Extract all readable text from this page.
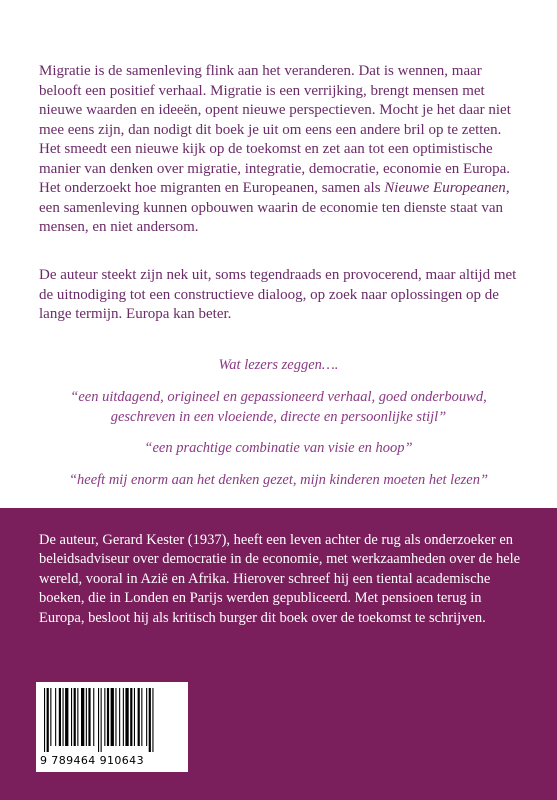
Migratie is de samenleving flink aan het veranderen. Dat is wennen, maar belooft een positief verhaal. Migratie is een verrijking, brengt mensen met nieuwe waarden en ideeën, opent nieuwe perspectieven. Mocht je het daar niet mee eens zijn, dan nodigt dit boek je uit om eens een andere bril op te zetten. Het smeedt een nieuwe kijk op de toekomst en zet aan tot een optimistische manier van denken over migratie, integratie, democratie, economie en Europa. Het onderzoekt hoe migranten en Europeanen, samen als Nieuwe Europeanen, een samenleving kunnen opbouwen waarin de economie ten dienste staat van mensen, en niet andersom.

De auteur steekt zijn nek uit, soms tegendraads en provocerend, maar altijd met de uitnodiging tot een constructieve dialoog, op zoek naar oplossingen op de lange termijn. Europa kan beter.

Wat lezers zeggen….
“een uitdagend, origineel en gepassioneerd verhaal, goed onderbouwd,
geschreven in een vloeiende, directe en persoonlijke stijl”
“een prachtige combinatie van visie en hoop”
“heeft mij enorm aan het denken gezet, mijn kinderen moeten het lezen”

De auteur, Gerard Kester (1937), heeft een leven achter de rug als onderzoeker en beleidsadviseur over democratie in de economie, met werkzaamheden over de hele wereld, vooral in Azië en Afrika. Hierover schreef hij een tiental academische boeken, die in Londen en Parijs werden gepubliceerd. Met pensioen terug in Europa, besloot hij als kritisch burger dit boek over de toekomst te schrijven.

9 789464 910643
